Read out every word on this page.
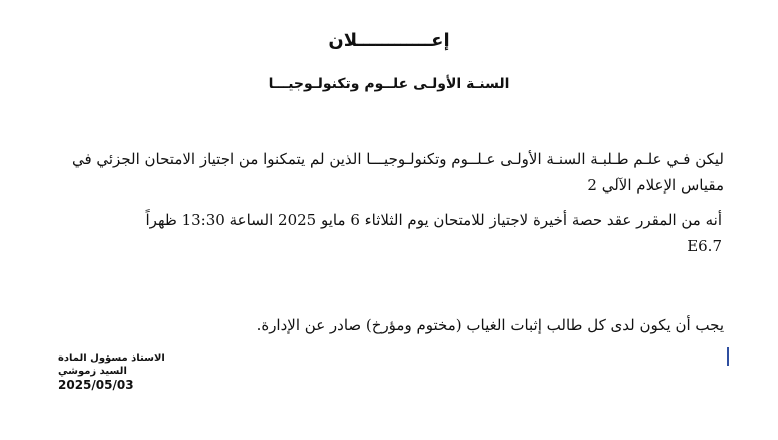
إعــــــــــــلان
السنـة الأولـى علــوم وتكنولـوجيـــا
ليكن فـي علـم طـلبـة السنـة الأولـى عـلــوم وتكنولـوجيـــا الذين لم يتمكنوا من اجتياز الامتحان الجزئي في مقياس الإعلام الآلي 2
أنه من المقرر عقد حصة أخيرة لاجتياز للامتحان يوم الثلاثاء 6 مايو 2025 الساعة 13:30 ظهراً
E6.7
يجب أن يكون لدى كل طالب إثبات الغياب (مختوم ومؤرخ) صادر عن الإدارة.
الاستاذ مسؤول المادة
السيد زموشي
2025/05/03
